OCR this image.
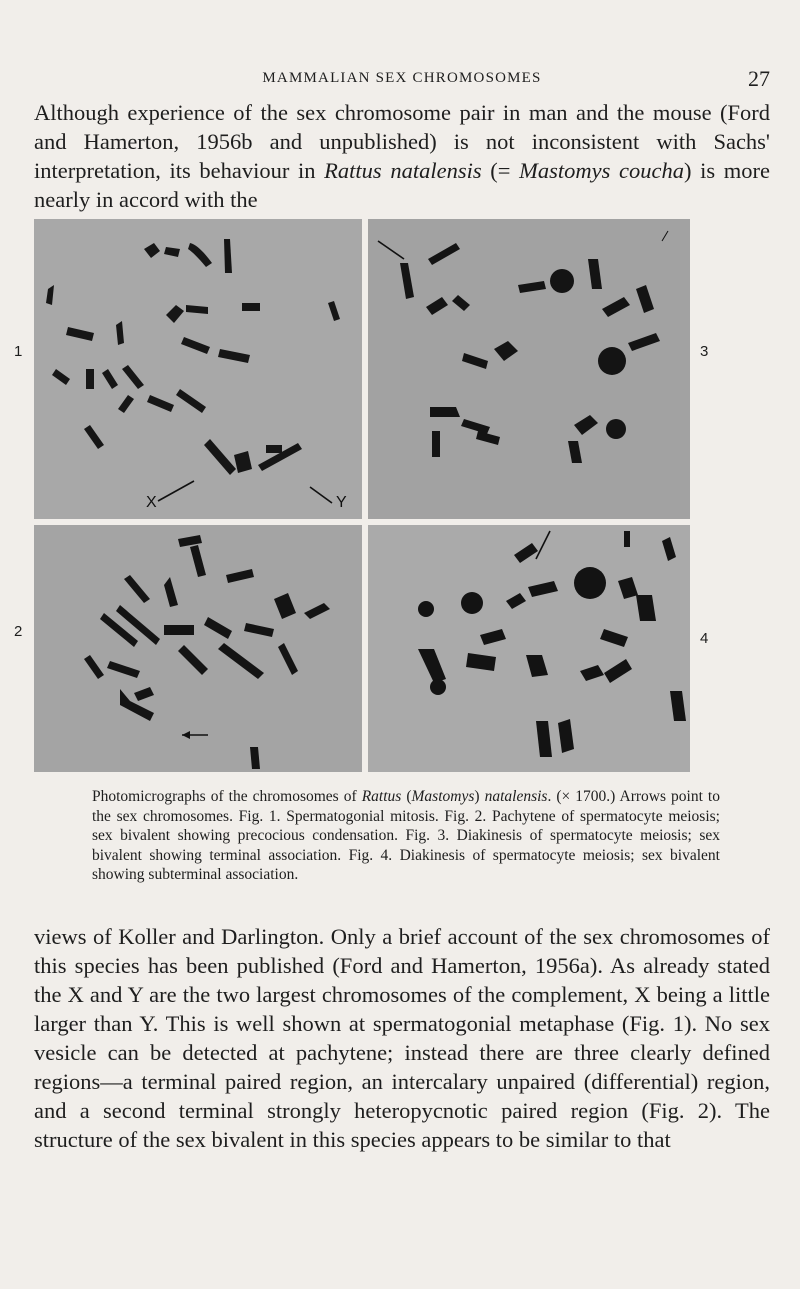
MAMMALIAN SEX CHROMOSOMES	27

Although experience of the sex chromosome pair in man and the mouse (Ford and Hamerton, 1956b and unpublished) is not inconsistent with Sachs' interpretation, its behaviour in Rattus natalensis (= Mastomys coucha) is more nearly in accord with the

X	Y
1
2
3
4

Photomicrographs of the chromosomes of Rattus (Mastomys) natalensis. (× 1700.) Arrows point to the sex chromosomes. Fig. 1. Spermatogonial mitosis. Fig. 2. Pachytene of spermatocyte meiosis; sex bivalent showing precocious condensation. Fig. 3. Diakinesis of spermatocyte meiosis; sex bivalent showing terminal association. Fig. 4. Diakinesis of spermatocyte meiosis; sex bivalent showing subterminal association.

views of Koller and Darlington. Only a brief account of the sex chromosomes of this species has been published (Ford and Hamerton, 1956a). As already stated the X and Y are the two largest chromosomes of the complement, X being a little larger than Y. This is well shown at spermatogonial metaphase (Fig. 1). No sex vesicle can be detected at pachytene; instead there are three clearly defined regions—a terminal paired region, an intercalary unpaired (differential) region, and a second terminal strongly heteropycnotic paired region (Fig. 2). The structure of the sex bivalent in this species appears to be similar to that
